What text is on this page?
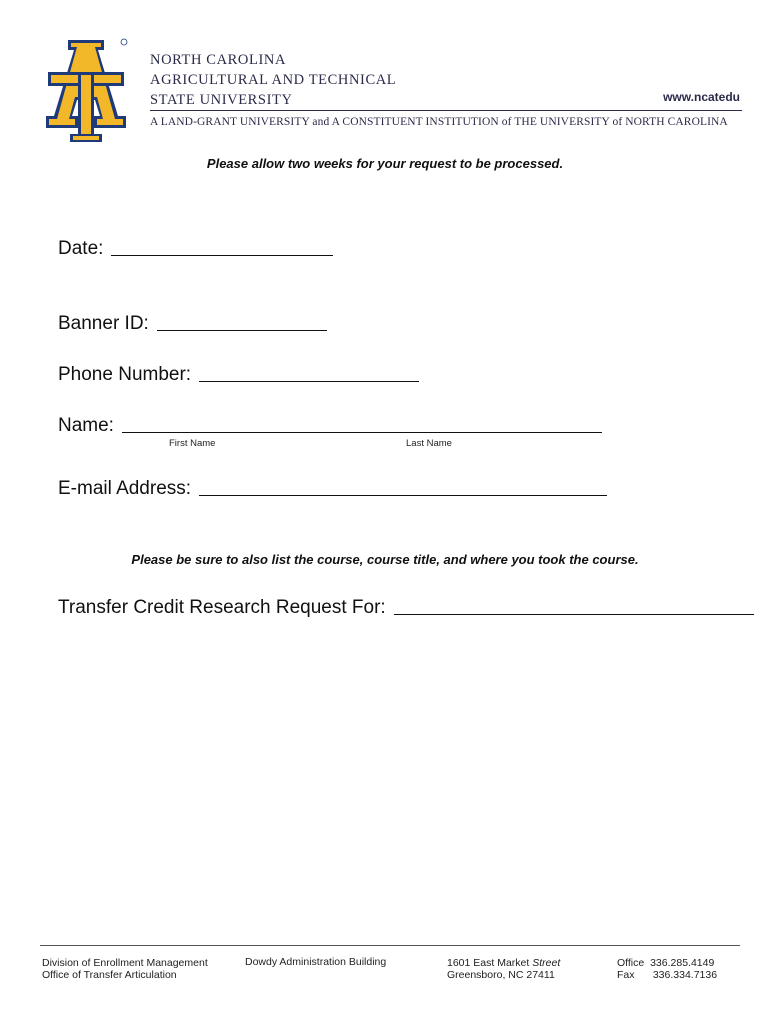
NORTH CAROLINA
AGRICULTURAL AND TECHNICAL
STATE UNIVERSITY	www.ncatedu
A LAND-GRANT UNIVERSITY and A CONSTITUENT INSTITUTION of THE UNIVERSITY of NORTH CAROLINA
Please allow two weeks for your request to be processed.
Date:
Banner ID:
Phone Number:
Name:
First Name	Last Name
E-mail Address:
Please be sure to also list the course, course title, and where you took the course.
Transfer Credit Research Request For:
Division of Enrollment Management
Office of Transfer Articulation
Dowdy Administration Building	1601 East Market Street
Greensboro, NC 27411
Office 336.285.4149
Fax 336.334.7136
